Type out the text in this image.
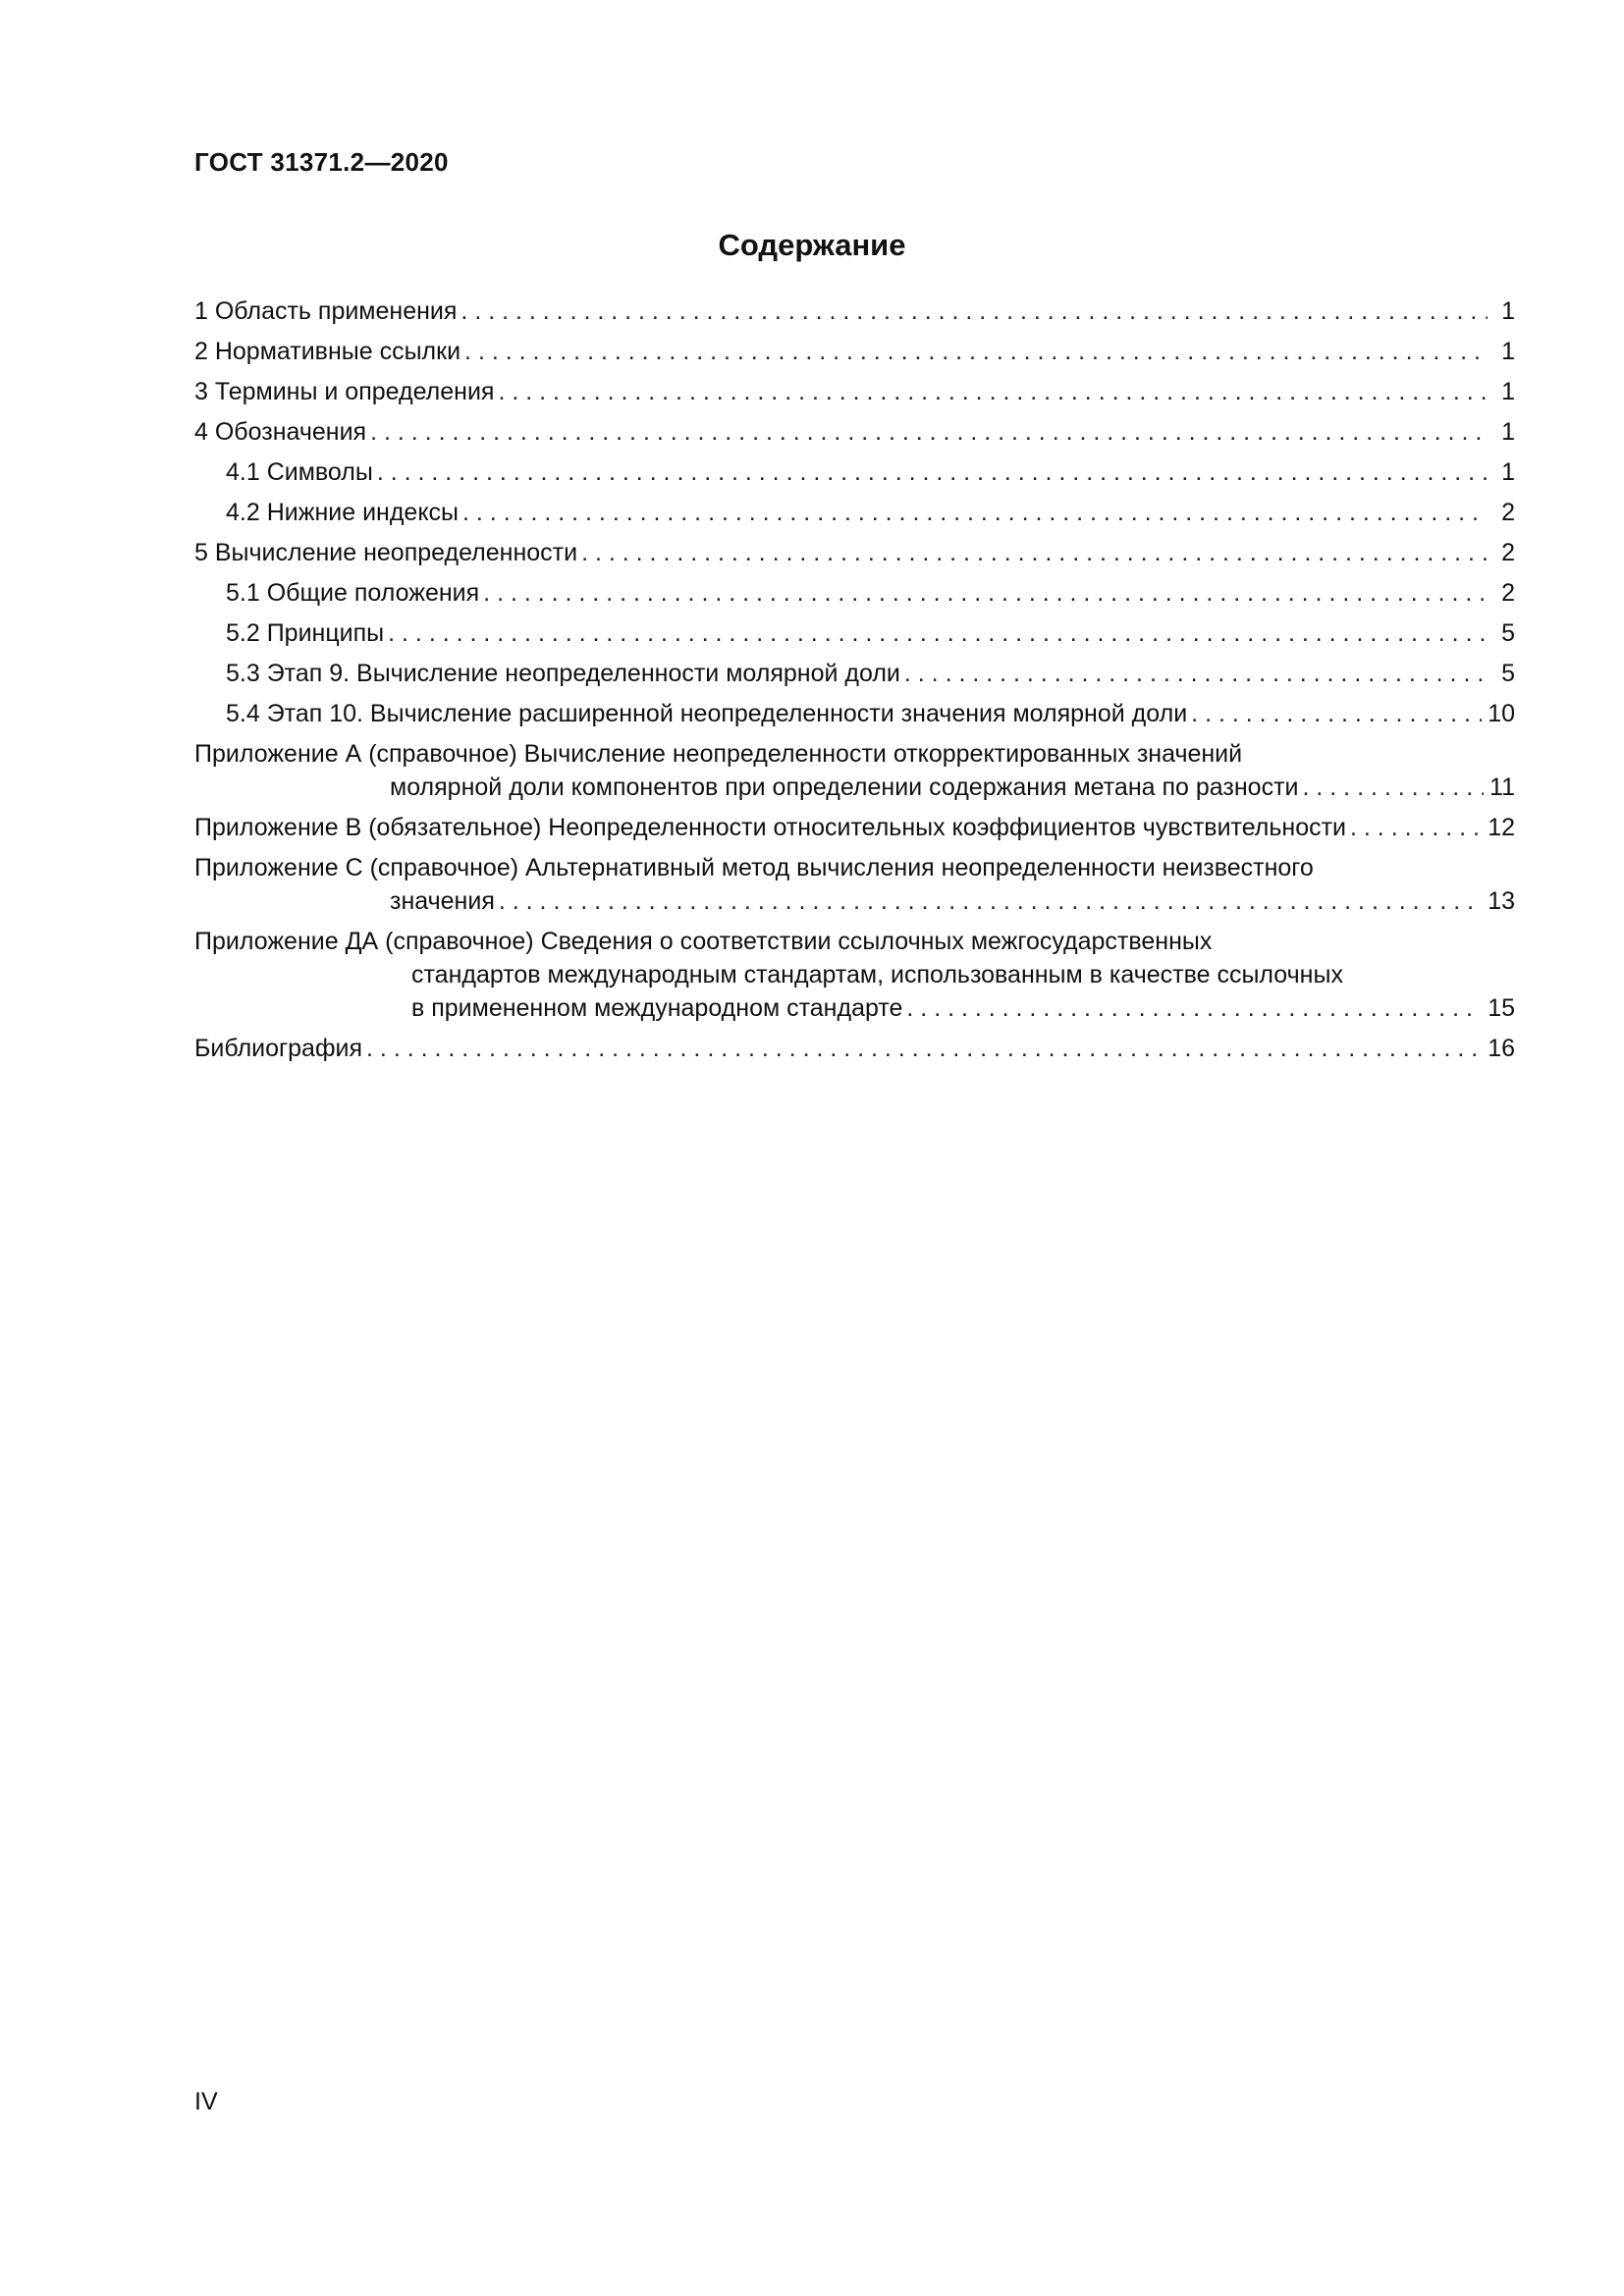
ГОСТ 31371.2—2020
Содержание
1 Область применения . . .	1
2 Нормативные ссылки . . .	1
3 Термины и определения . . .	1
4 Обозначения . . .	1
4.1 Символы . . .	1
4.2 Нижние индексы . . .	2
5 Вычисление неопределенности . . .	2
5.1 Общие положения . . .	2
5.2 Принципы . . .	5
5.3 Этап 9. Вычисление неопределенности молярной доли . . .	5
5.4 Этап 10. Вычисление расширенной неопределенности значения молярной доли . . .	10
Приложение А (справочное) Вычисление неопределенности откорректированных значений
молярной доли компонентов при определении содержания метана по разности . . .	11
Приложение В (обязательное) Неопределенности относительных коэффициентов чувствительности . . .	12
Приложение С (справочное) Альтернативный метод вычисления неопределенности неизвестного
значения . . .	13
Приложение ДА (справочное) Сведения о соответствии ссылочных межгосударственных
стандартов международным стандартам, использованным в качестве ссылочных
в примененном международном стандарте . . .	15
Библиография . . .	16
IV
